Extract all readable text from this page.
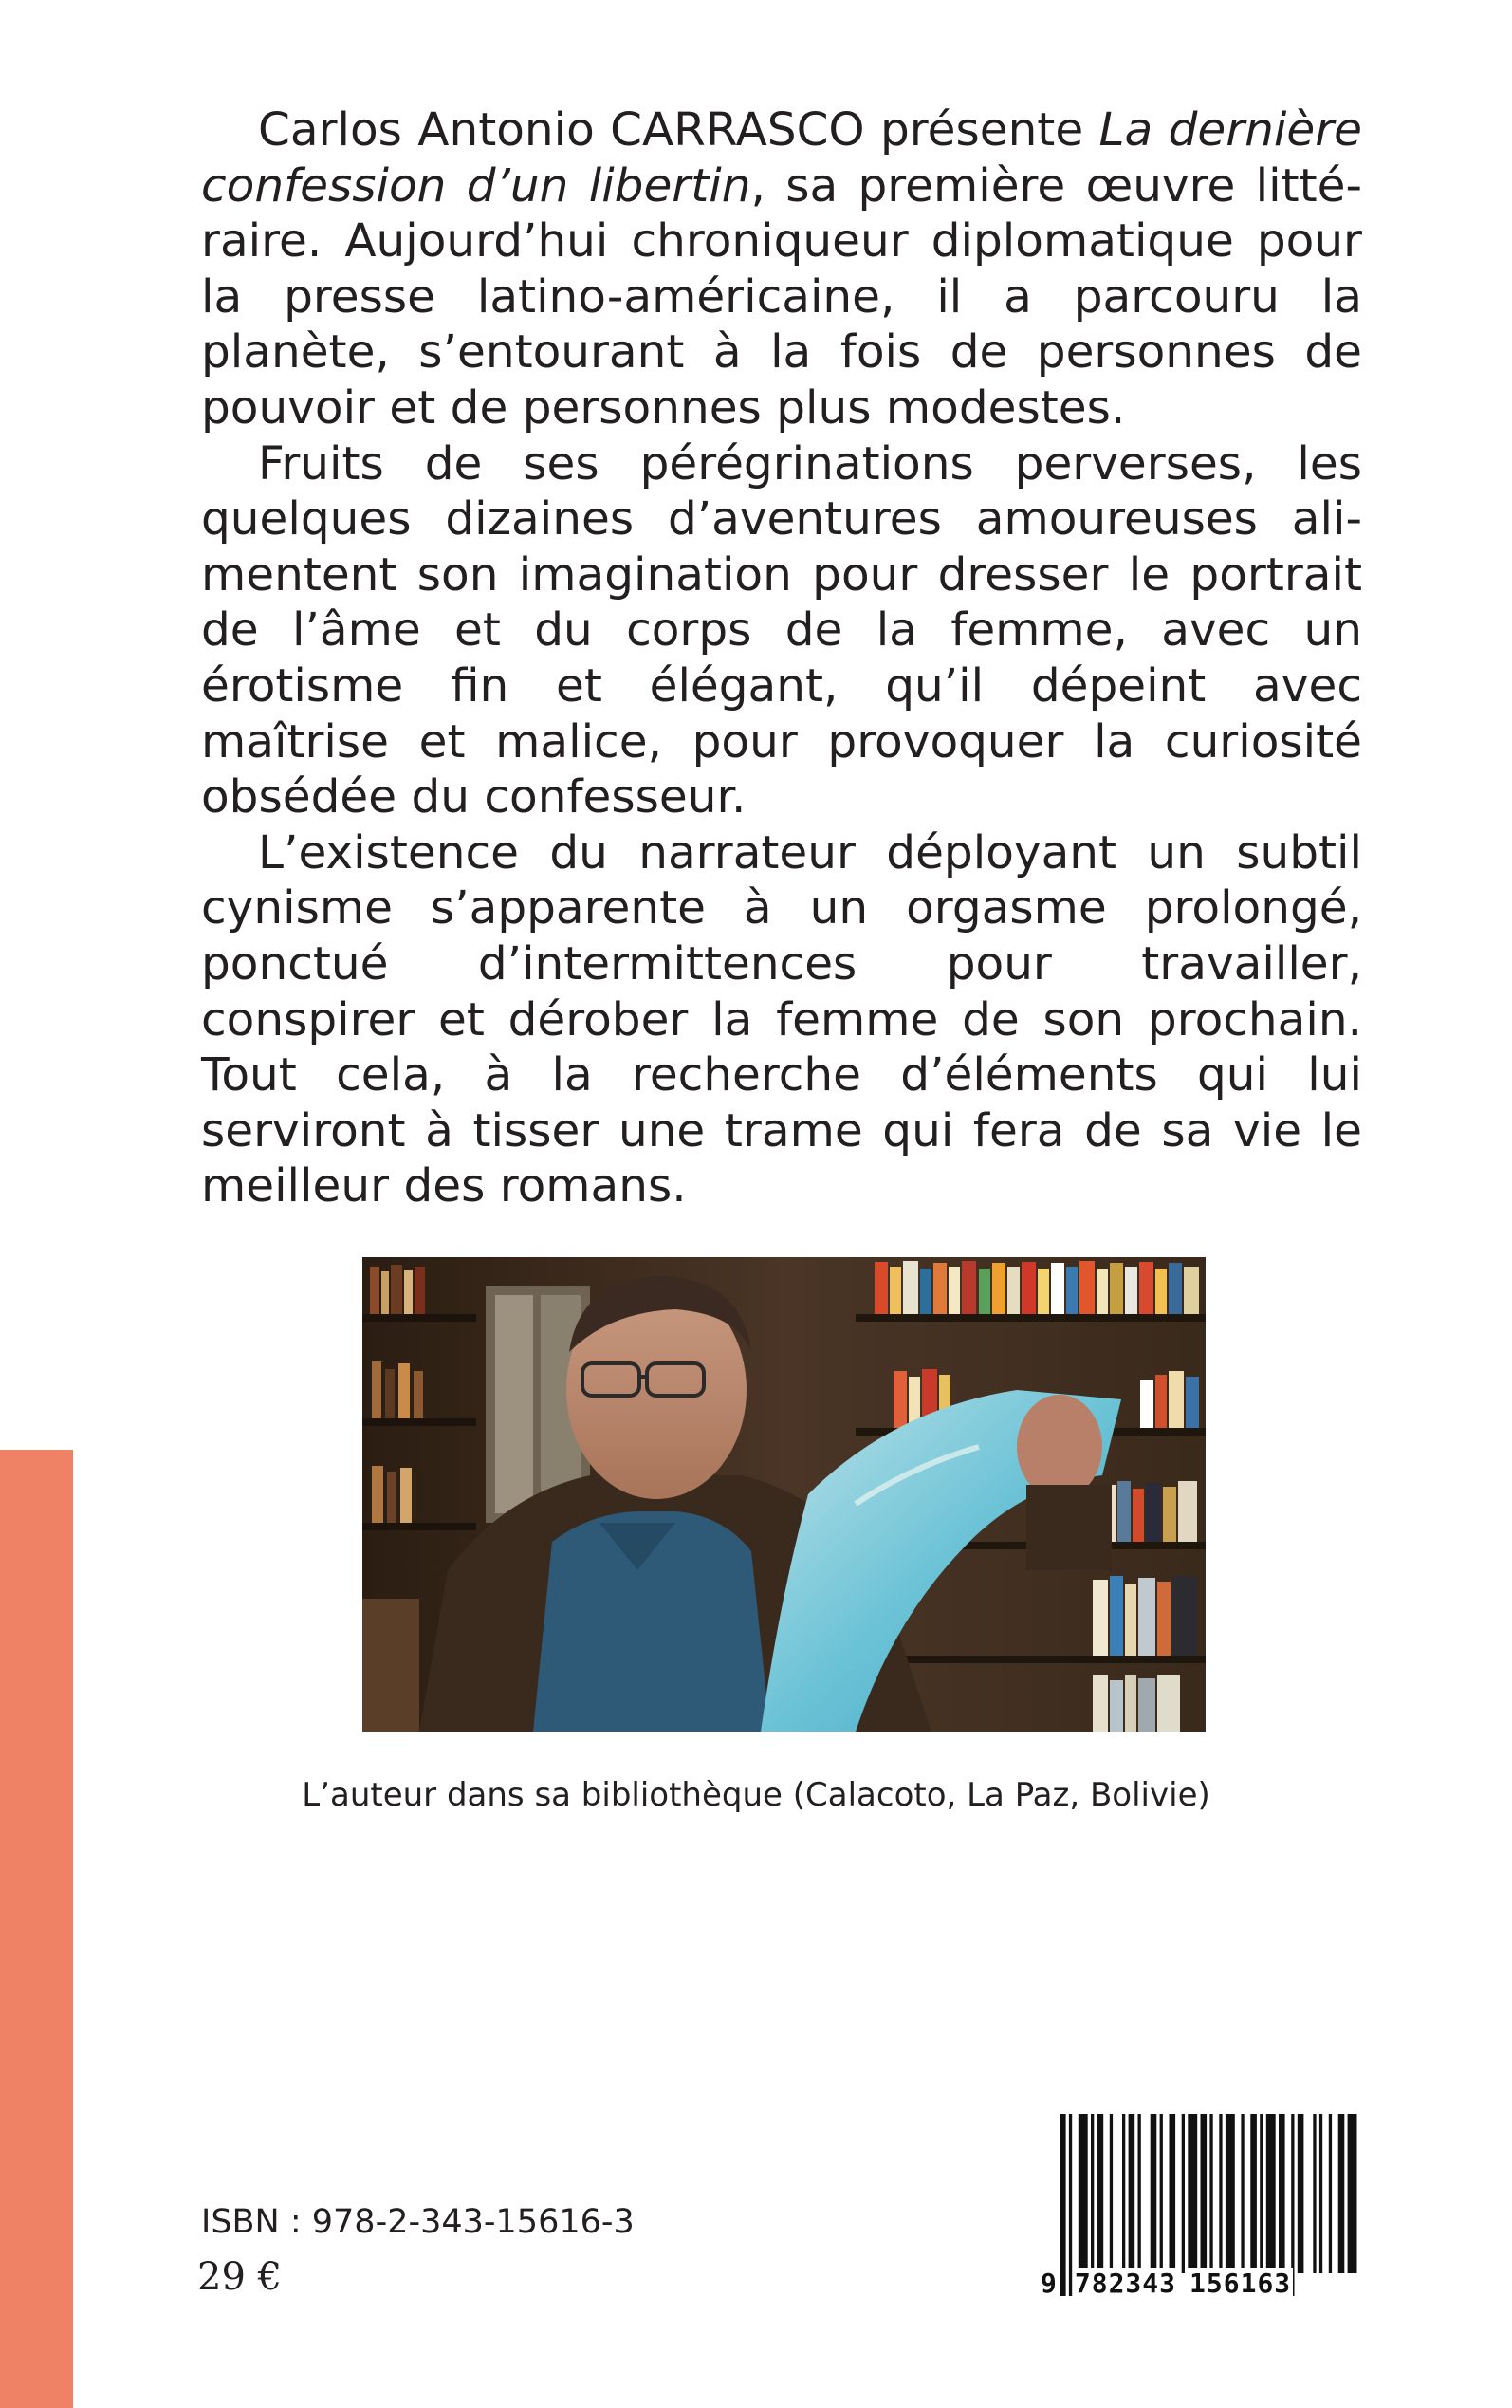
Carlos Antonio CARRASCO présente La dernière confession d’un libertin, sa première œuvre littéraire. Aujourd’hui chroniqueur diplomatique pour la presse latino-américaine, il a parcouru la planète, s’entourant à la fois de personnes de pouvoir et de personnes plus modestes.

Fruits de ses pérégrinations perverses, les quelques dizaines d’aventures amoureuses alimentent son imagination pour dresser le portrait de l’âme et du corps de la femme, avec un érotisme fin et élégant, qu’il dépeint avec maîtrise et malice, pour provoquer la curiosité obsédée du confesseur.

L’existence du narrateur déployant un subtil cynisme s’apparente à un orgasme prolongé, ponctué d’intermittences pour travailler, conspirer et dérober la femme de son prochain. Tout cela, à la recherche d’éléments qui lui serviront à tisser une trame qui fera de sa vie le meilleur des romans.

L’auteur dans sa bibliothèque (Calacoto, La Paz, Bolivie)
ISBN : 978-2-343-15616-3
29 €	9 782343 156163
